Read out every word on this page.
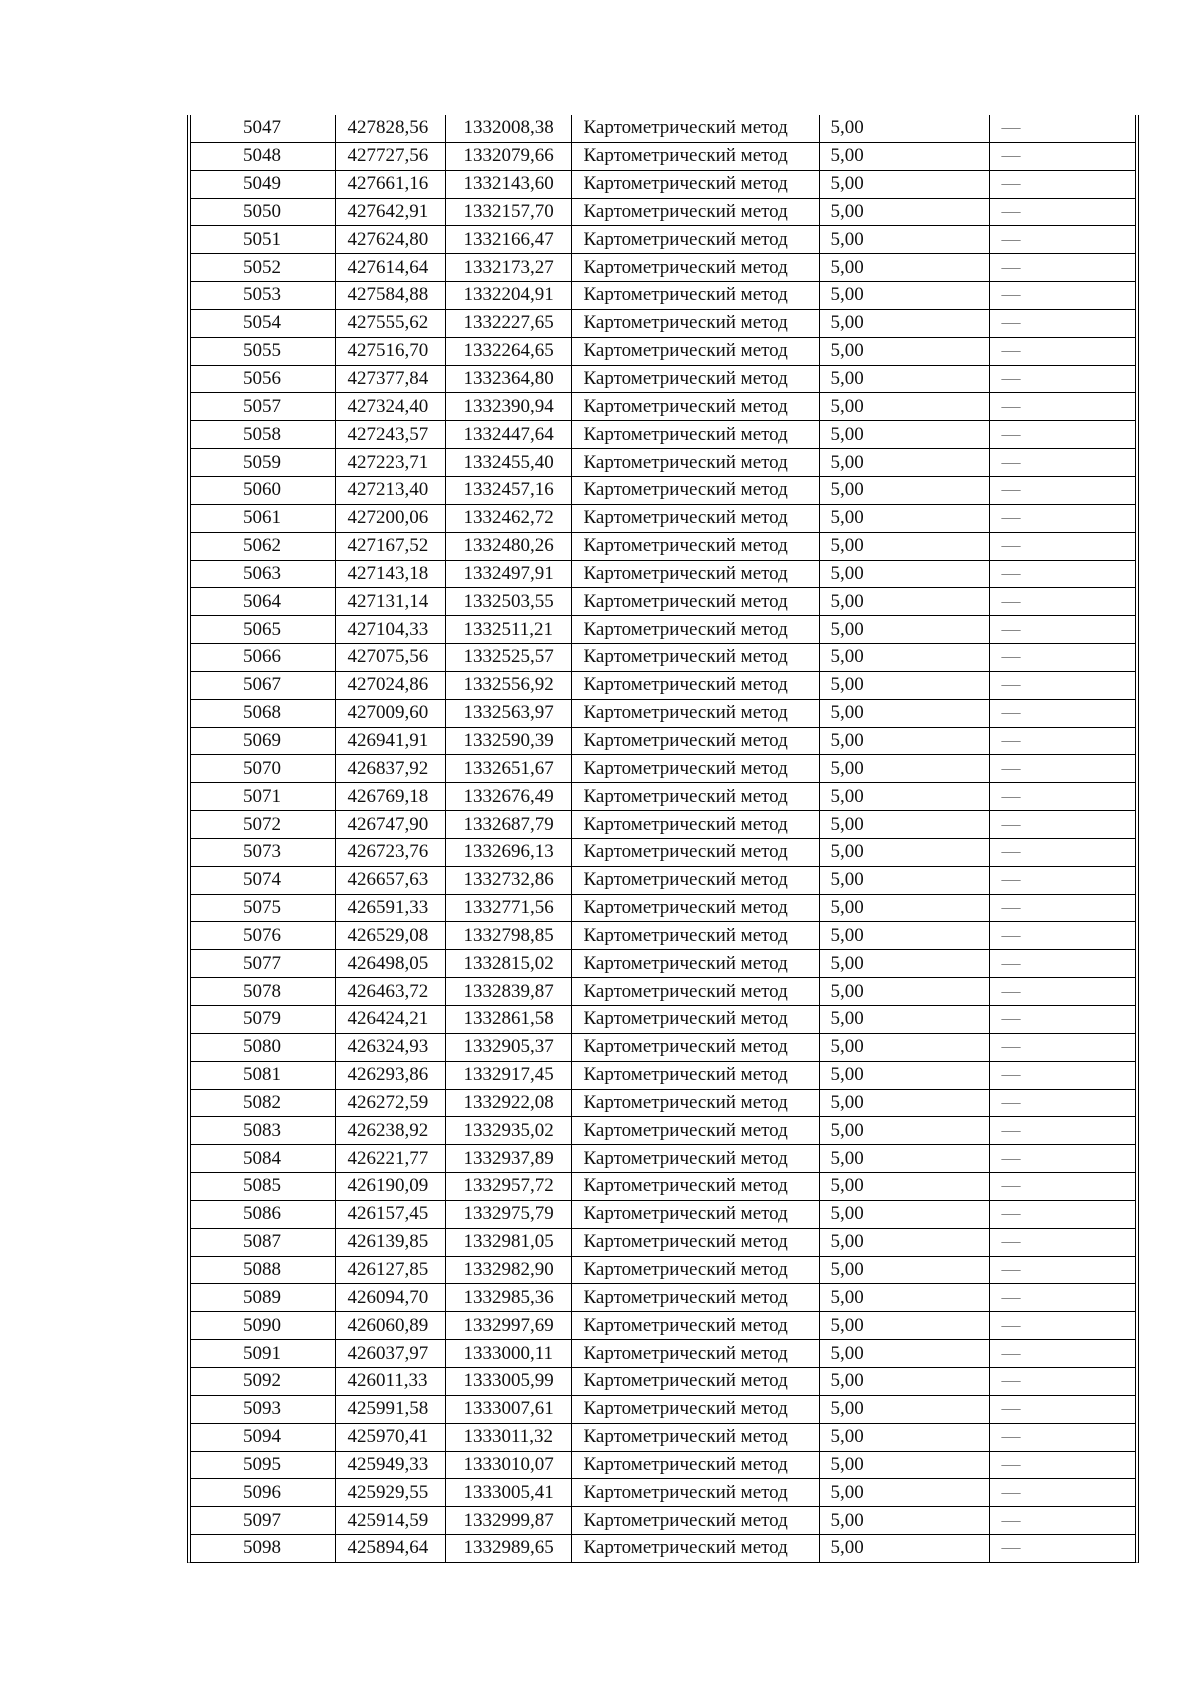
5047	427828,56	1332008,38	Картометрический метод	5,00	—
5048	427727,56	1332079,66	Картометрический метод	5,00	—
5049	427661,16	1332143,60	Картометрический метод	5,00	—
5050	427642,91	1332157,70	Картометрический метод	5,00	—
5051	427624,80	1332166,47	Картометрический метод	5,00	—
5052	427614,64	1332173,27	Картометрический метод	5,00	—
5053	427584,88	1332204,91	Картометрический метод	5,00	—
5054	427555,62	1332227,65	Картометрический метод	5,00	—
5055	427516,70	1332264,65	Картометрический метод	5,00	—
5056	427377,84	1332364,80	Картометрический метод	5,00	—
5057	427324,40	1332390,94	Картометрический метод	5,00	—
5058	427243,57	1332447,64	Картометрический метод	5,00	—
5059	427223,71	1332455,40	Картометрический метод	5,00	—
5060	427213,40	1332457,16	Картометрический метод	5,00	—
5061	427200,06	1332462,72	Картометрический метод	5,00	—
5062	427167,52	1332480,26	Картометрический метод	5,00	—
5063	427143,18	1332497,91	Картометрический метод	5,00	—
5064	427131,14	1332503,55	Картометрический метод	5,00	—
5065	427104,33	1332511,21	Картометрический метод	5,00	—
5066	427075,56	1332525,57	Картометрический метод	5,00	—
5067	427024,86	1332556,92	Картометрический метод	5,00	—
5068	427009,60	1332563,97	Картометрический метод	5,00	—
5069	426941,91	1332590,39	Картометрический метод	5,00	—
5070	426837,92	1332651,67	Картометрический метод	5,00	—
5071	426769,18	1332676,49	Картометрический метод	5,00	—
5072	426747,90	1332687,79	Картометрический метод	5,00	—
5073	426723,76	1332696,13	Картометрический метод	5,00	—
5074	426657,63	1332732,86	Картометрический метод	5,00	—
5075	426591,33	1332771,56	Картометрический метод	5,00	—
5076	426529,08	1332798,85	Картометрический метод	5,00	—
5077	426498,05	1332815,02	Картометрический метод	5,00	—
5078	426463,72	1332839,87	Картометрический метод	5,00	—
5079	426424,21	1332861,58	Картометрический метод	5,00	—
5080	426324,93	1332905,37	Картометрический метод	5,00	—
5081	426293,86	1332917,45	Картометрический метод	5,00	—
5082	426272,59	1332922,08	Картометрический метод	5,00	—
5083	426238,92	1332935,02	Картометрический метод	5,00	—
5084	426221,77	1332937,89	Картометрический метод	5,00	—
5085	426190,09	1332957,72	Картометрический метод	5,00	—
5086	426157,45	1332975,79	Картометрический метод	5,00	—
5087	426139,85	1332981,05	Картометрический метод	5,00	—
5088	426127,85	1332982,90	Картометрический метод	5,00	—
5089	426094,70	1332985,36	Картометрический метод	5,00	—
5090	426060,89	1332997,69	Картометрический метод	5,00	—
5091	426037,97	1333000,11	Картометрический метод	5,00	—
5092	426011,33	1333005,99	Картометрический метод	5,00	—
5093	425991,58	1333007,61	Картометрический метод	5,00	—
5094	425970,41	1333011,32	Картометрический метод	5,00	—
5095	425949,33	1333010,07	Картометрический метод	5,00	—
5096	425929,55	1333005,41	Картометрический метод	5,00	—
5097	425914,59	1332999,87	Картометрический метод	5,00	—
5098	425894,64	1332989,65	Картометрический метод	5,00	—
